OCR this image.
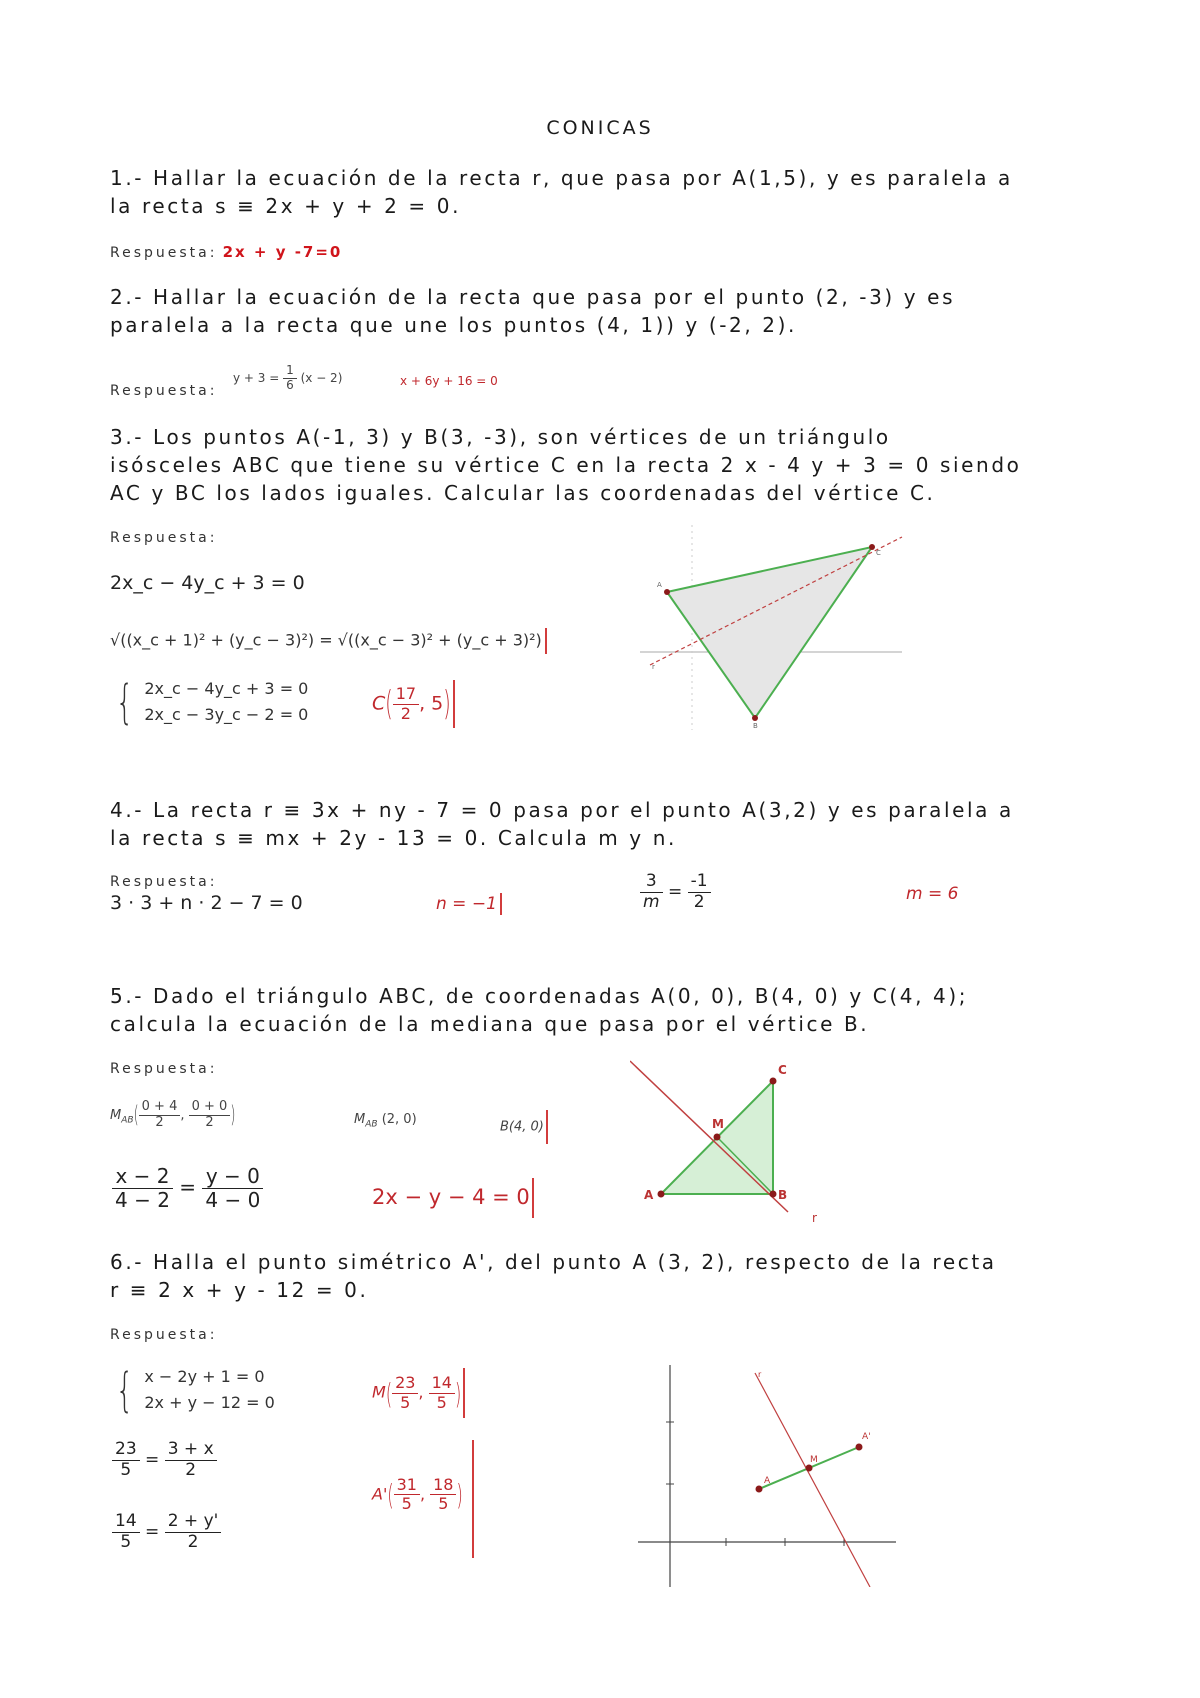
CONICAS
1.- Hallar la ecuación de la recta r, que pasa por A(1,5), y es paralela a
la recta s ≡ 2x + y + 2 = 0.
Respuesta: 2x + y -7=0
2.- Hallar la ecuación de la recta que pasa por el punto (2, -3) y es
paralela a la recta que une los puntos (4, 1)) y (-2, 2).
Respuesta:
$y + 3 = \frac{1}{6} (x - 2)$	x + 6y + 16 = 0
3.- Los puntos A(-1, 3) y B(3, -3), son vértices de un triángulo
isósceles ABC que tiene su vértice C en la recta 2 x - 4 y + 3 = 0 siendo
AC y BC los lados iguales. Calcular las coordenadas del vértice C.
Respuesta:
2x_c − 4y_c + 3 = 0
√((x_c + 1)² + (y_c − 3)²) = √((x_c − 3)² + (y_c + 3)²)
{ 2x_c − 4y_c + 3 = 0
2x_c − 3y_c − 2 = 0	$C( \frac{17}{2}$ , 5)
A
C
B
r
4.- La recta r ≡ 3x + ny - 7 = 0 pasa por el punto A(3,2) y es paralela a
la recta s ≡ mx + 2y - 13 = 0. Calcula m y n.
Respuesta:
3 · 3 + n · 2 − 7 = 0	n = −1	$\frac{3}{m} = \frac{-1}{2}$	m = 6
5.- Dado el triángulo ABC, de coordenadas A(0, 0), B(4, 0) y C(4, 4);
calcula la ecuación de la mediana que pasa por el vértice B.
Respuesta:
$M_{AB}( \frac{0 + 4}{2}$ , $\frac{0 + 0}{2}$ )	$M_{AB}$ (2, 0)	B(4, 0)
$\frac{x - 2}{4 - 2} = \frac{y - 0}{4 - 0}$	2x − y − 4 = 0	A	B
C
M
r
6.- Halla el punto simétrico A', del punto A (3, 2), respecto de la recta
r ≡ 2 x + y - 12 = 0.
Respuesta:
{ x − 2y + 1 = 0
2x + y − 12 = 0
$M( \frac{23}{5}$ , $\frac{14}{5}$ )
$\frac{23}{5} = \frac{3 + x}{2}$
$\frac{14}{5} = \frac{2 + y'}{2}$
$A'( \frac{31}{5}$ , $\frac{18}{5}$ )	A
M
A'
r
